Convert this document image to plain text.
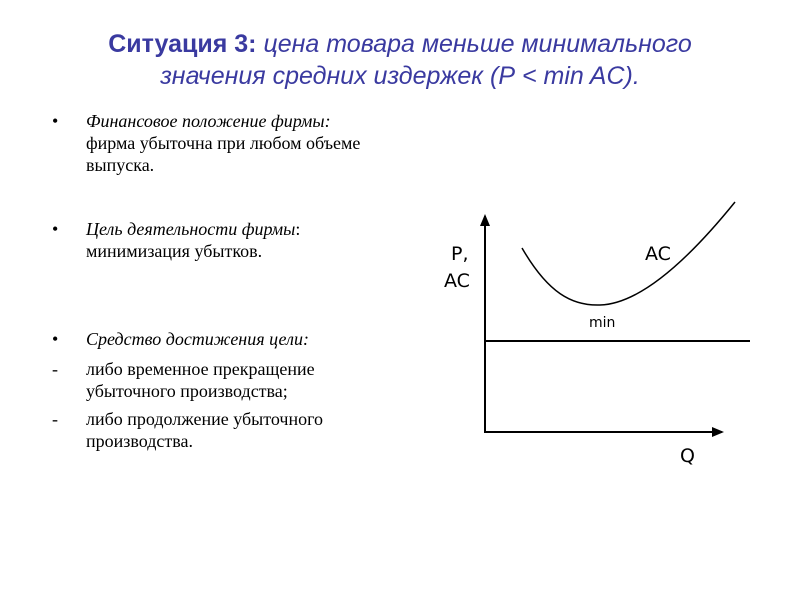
Ситуация 3: цена товара меньше минимального
значения средних издержек (Р < min AC).
•	Финансовое положение фирмы:
фирма убыточна при любом объеме выпуска.
•	Цель деятельности фирмы:
минимизация убытков.
•	Средство достижения цели:
-	либо временное прекращение убыточного производства;
-	либо продолжение убыточного производства.
P,
AC
Q
AC
min
